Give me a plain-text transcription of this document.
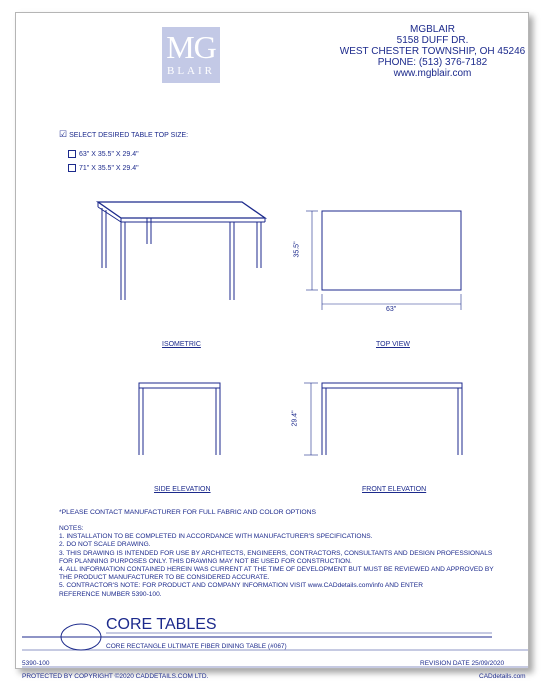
MG
BLAIR
MGBLAIR
5158 DUFF DR.
WEST CHESTER TOWNSHIP, OH 45246
PHONE: (513) 376-7182
www.mgblair.com
☑ SELECT DESIRED TABLE TOP SIZE:
63" X 35.5" X 29.4"
71" X 35.5" X 29.4"
35.5"
63"
29.4"
ISOMETRIC	TOP VIEW
SIDE ELEVATION	FRONT ELEVATION
*PLEASE CONTACT MANUFACTURER FOR FULL FABRIC AND COLOR OPTIONS
NOTES:
1. INSTALLATION TO BE COMPLETED IN ACCORDANCE WITH MANUFACTURER'S SPECIFICATIONS.
2. DO NOT SCALE DRAWING.
3. THIS DRAWING IS INTENDED FOR USE BY ARCHITECTS, ENGINEERS, CONTRACTORS, CONSULTANTS AND DESIGN PROFESSIONALS
FOR PLANNING PURPOSES ONLY. THIS DRAWING MAY NOT BE USED FOR CONSTRUCTION.
4. ALL INFORMATION CONTAINED HEREIN WAS CURRENT AT THE TIME OF DEVELOPMENT BUT MUST BE REVIEWED AND APPROVED BY
THE PRODUCT MANUFACTURER TO BE CONSIDERED ACCURATE.
5. CONTRACTOR'S NOTE: FOR PRODUCT AND COMPANY INFORMATION VISIT www.CADdetails.com/info AND ENTER
REFERENCE NUMBER 5390-100.
CORE TABLES
CORE RECTANGLE ULTIMATE FIBER DINING TABLE (#067)
5390-100	REVISION DATE 25/09/2020
PROTECTED BY COPYRIGHT ©2020 CADDETAILS.COM LTD.	CADdetails.com
